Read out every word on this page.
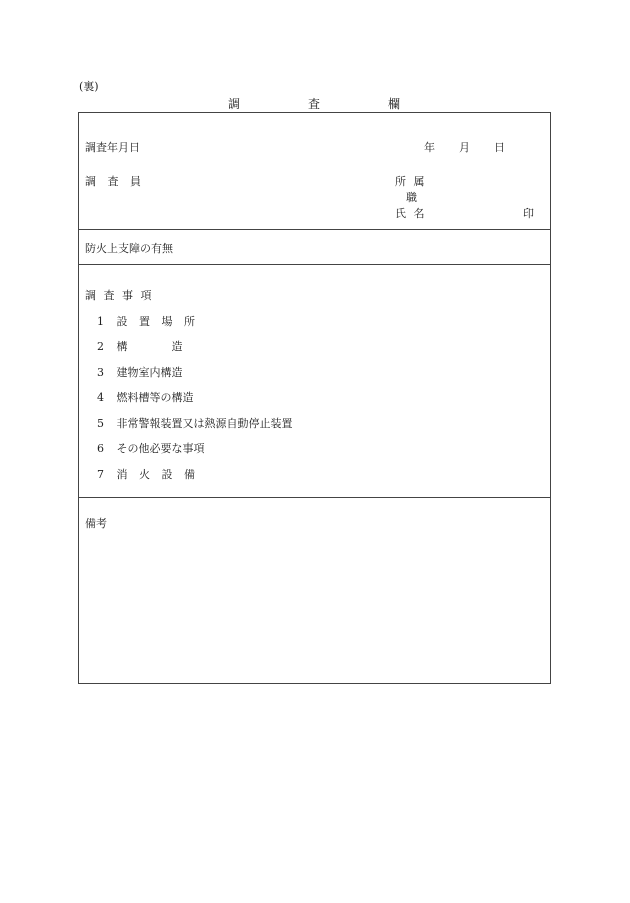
(裏)
調	査	欄
調査年月日	年 月 日
調 査 員	所 属
職
氏 名	印
防火上支障の有無
調 査 事 項
1 設 置 場 所
2 構　　　　造
3 建物室内構造
4 燃料槽等の構造
5 非常警報装置又は熱源自動停止装置
6 その他必要な事項
7 消 火 設 備
備考
